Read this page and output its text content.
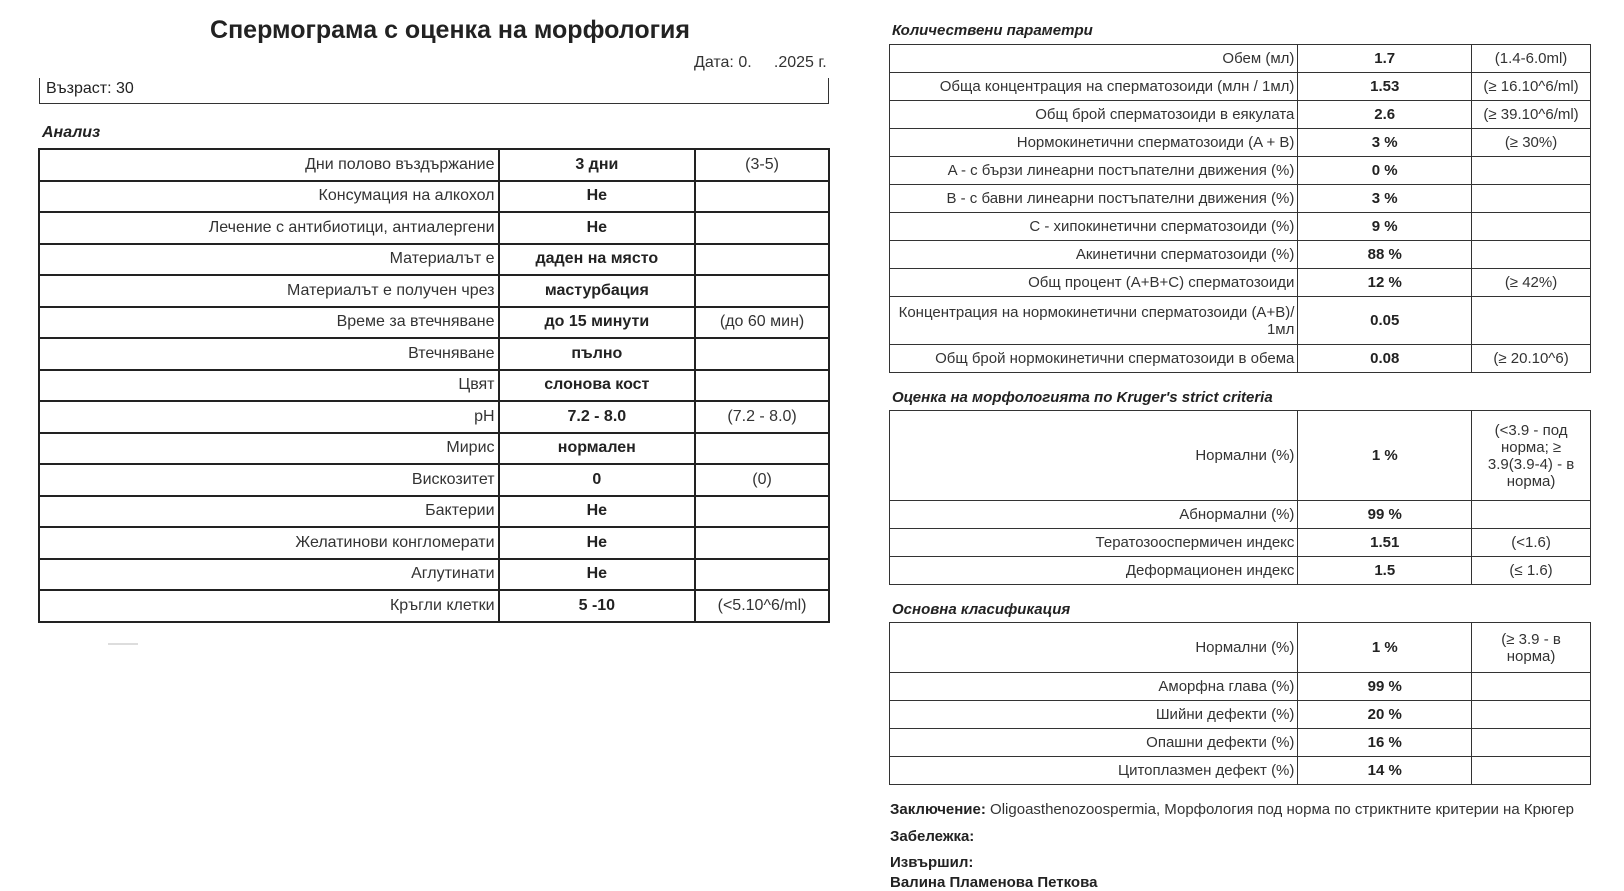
Спермограма с оценка на морфология
Дата: 0.     .2025 г.
Възраст: 30
Анализ
Дни полово въздържание	3 дни	(3-5)
Консумация на алкохол	Не	
Лечение с антибиотици, антиалергени	Не	
Материалът е	даден на място	
Материалът е получен чрез	мастурбация	
Време за втечняване	до 15 минути	(до 60 мин)
Втечняване	пълно	
Цвят	слонова кост	
pH	7.2 - 8.0	(7.2 - 8.0)
Мирис	нормален	
Вискозитет	0	(0)
Бактерии	Не	
Желатинови конгломерати	Не	
Аглутинати	Не	
Кръгли клетки	5 -10	(<5.10^6/ml)
Количествени параметри
Обем (мл)	1.7	(1.4-6.0ml)
Обща концентрация на сперматозоиди (млн / 1мл)	1.53	(≥ 16.10^6/ml)
Общ брой сперматозоиди в еякулата	2.6	(≥ 39.10^6/ml)
Нормокинетични сперматозоиди (A + B)	3 %	(≥ 30%)
A - с бързи линеарни постъпателни движения (%)	0 %	
B - с бавни линеарни постъпателни движения (%)	3 %	
C - хипокинетични сперматозоиди (%)	9 %	
Акинетични сперматозоиди (%)	88 %	
Общ процент (A+B+C) сперматозоиди	12 %	(≥ 42%)
Концентрация на нормокинетични сперматозоиди (A+B)/ 1мл	0.05	
Общ брой нормокинетични сперматозоиди в обема	0.08	(≥ 20.10^6)
Оценка на морфологията по Kruger's strict criteria
Нормални (%)	1 %	(<3.9 - под норма; ≥ 3.9(3.9-4) - в норма)
Абнормални (%)	99 %	
Тератозооспермичен индекс	1.51	(<1.6)
Деформационен индекс	1.5	(≤ 1.6)
Основна класификация
Нормални (%)	1 %	(≥ 3.9 - в норма)
Аморфна глава (%)	99 %	
Шийни дефекти (%)	20 %	
Опашни дефекти (%)	16 %	
Цитоплазмен дефект (%)	14 %	
Заключение: Oligoasthenozoospermia, Морфология под норма по стриктните критерии на Крюгер
Забележка:
Извършил:
Валина Пламенова Петкова
